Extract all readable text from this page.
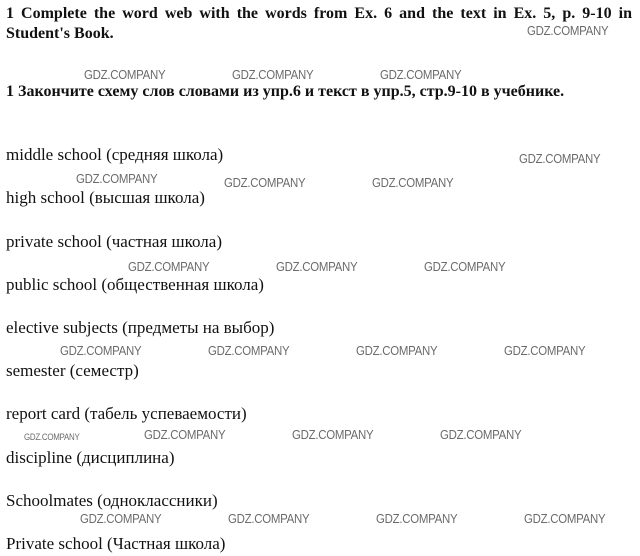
1 Complete the word web with the words from Ex. 6 and the text in Ex. 5, p. 9-10 in Student's Book.

1 Закончите схему слов словами из упр.6 и текст в упр.5, стр.9-10 в учебнике.

middle school (средняя школа)

high school (высшая школа)

private school (частная школа)

public school (общественная школа)

elective subjects (предметы на выбор)

semester (семестр)

report card (табель успеваемости)

discipline (дисциплина)

Schoolmates (одноклассники)

Private school (Частная школа)

GDZ.COMPANY
GDZ.COMPANY	GDZ.COMPANY	GDZ.COMPANY
GDZ.COMPANY
GDZ.COMPANY	GDZ.COMPANY	GDZ.COMPANY
GDZ.COMPANY	GDZ.COMPANY	GDZ.COMPANY
GDZ.COMPANY	GDZ.COMPANY	GDZ.COMPANY	GDZ.COMPANY
GDZ.COMPANY	GDZ.COMPANY	GDZ.COMPANY	GDZ.COMPANY
GDZ.COMPANY	GDZ.COMPANY	GDZ.COMPANY	GDZ.COMPANY
